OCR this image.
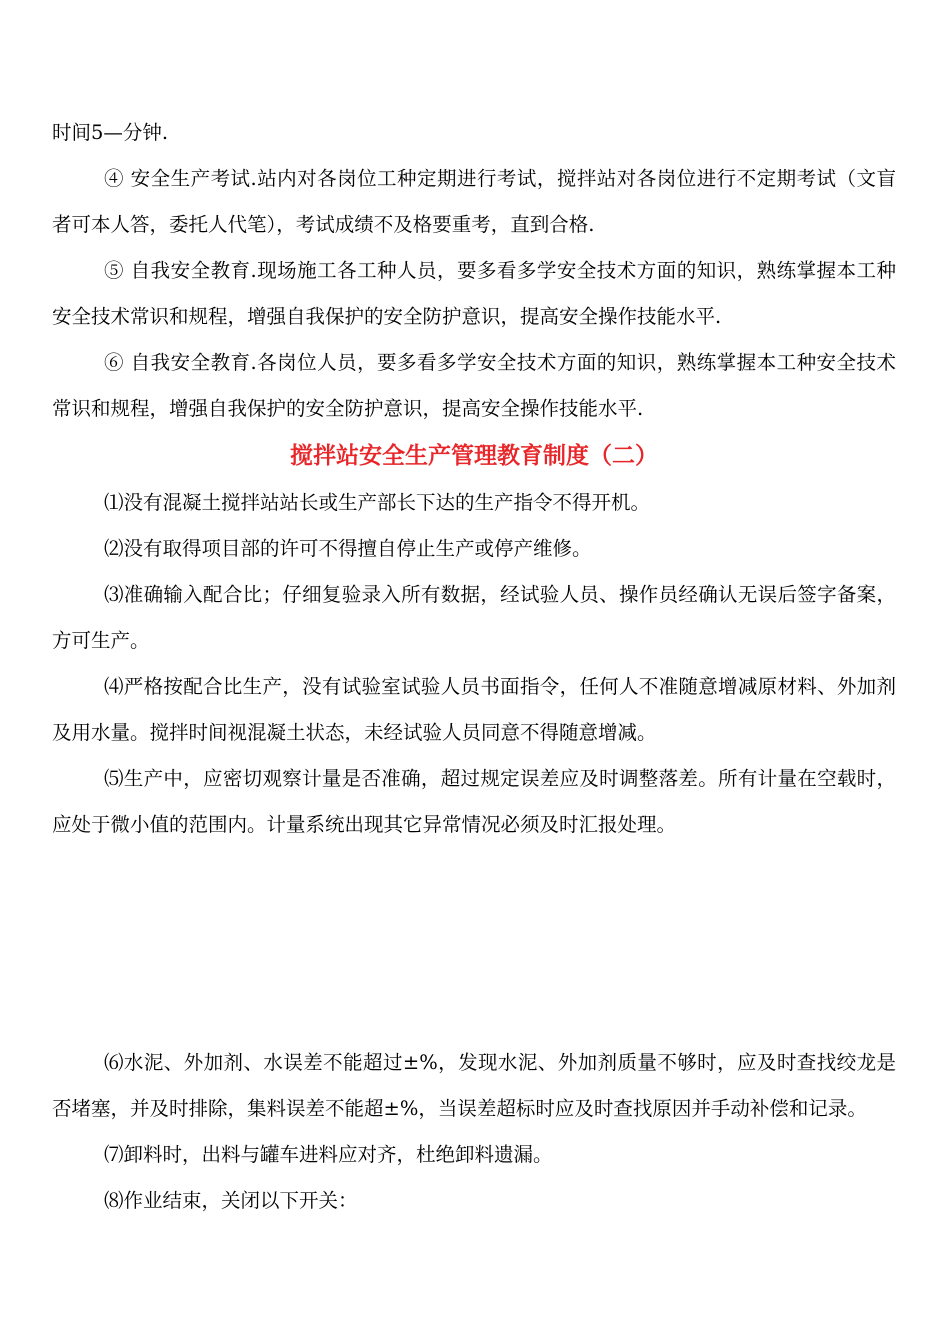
时间5—分钟.

④ 安全生产考试.站内对各岗位工种定期进行考试，搅拌站对各岗位进行不定期考试（文盲者可本人答，委托人代笔），考试成绩不及格要重考，直到合格.

⑤ 自我安全教育.现场施工各工种人员，要多看多学安全技术方面的知识，熟练掌握本工种安全技术常识和规程，增强自我保护的安全防护意识，提高安全操作技能水平.

⑥ 自我安全教育.各岗位人员，要多看多学安全技术方面的知识，熟练掌握本工种安全技术常识和规程，增强自我保护的安全防护意识，提高安全操作技能水平.

搅拌站安全生产管理教育制度（二）

⑴没有混凝土搅拌站站长或生产部长下达的生产指令不得开机。

⑵没有取得项目部的许可不得擅自停止生产或停产维修。

⑶准确输入配合比；仔细复验录入所有数据，经试验人员、操作员经确认无误后签字备案，方可生产。

⑷严格按配合比生产，没有试验室试验人员书面指令，任何人不准随意增减原材料、外加剂及用水量。搅拌时间视混凝土状态，未经试验人员同意不得随意增减。

⑸生产中，应密切观察计量是否准确，超过规定误差应及时调整落差。所有计量在空载时，应处于微小值的范围内。计量系统出现其它异常情况必须及时汇报处理。

⑹水泥、外加剂、水误差不能超过±%，发现水泥、外加剂质量不够时，应及时查找绞龙是否堵塞，并及时排除，集料误差不能超±%，当误差超标时应及时查找原因并手动补偿和记录。

⑺卸料时，出料与罐车进料应对齐，杜绝卸料遗漏。

⑻作业结束，关闭以下开关：
